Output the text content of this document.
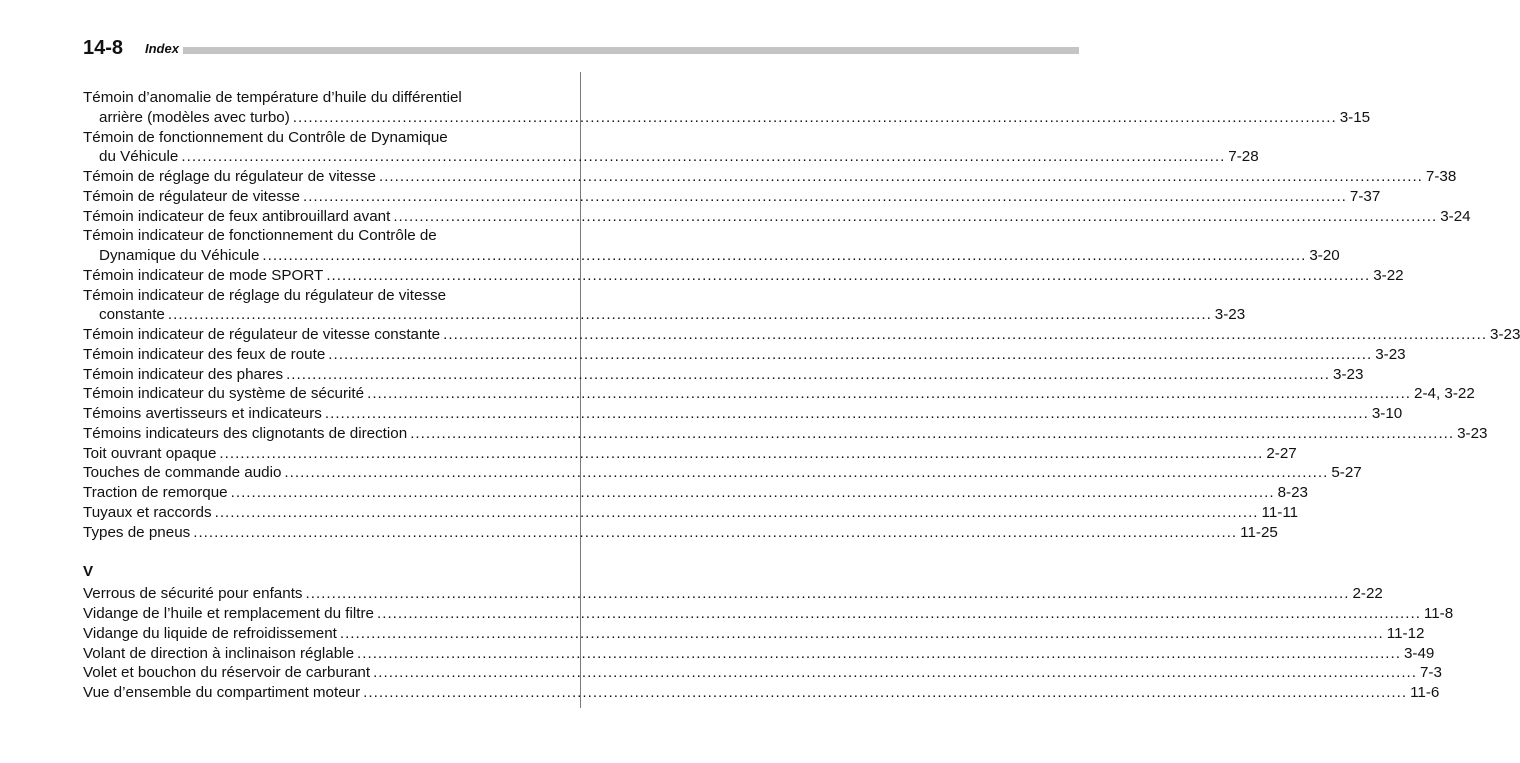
14-8 Index
Témoin d’anomalie de température d’huile du différentiel
arrière (modèles avec turbo) ........................................................................................................................................................................................................ 3-15
Témoin de fonctionnement du Contrôle de Dynamique
du Véhicule ........................................................................................................................................................................................................ 7-28
Témoin de réglage du régulateur de vitesse ........................................................................................................................................................................................................ 7-38
Témoin de régulateur de vitesse ........................................................................................................................................................................................................ 7-37
Témoin indicateur de feux antibrouillard avant ........................................................................................................................................................................................................ 3-24
Témoin indicateur de fonctionnement du Contrôle de
Dynamique du Véhicule ........................................................................................................................................................................................................ 3-20
Témoin indicateur de mode SPORT ........................................................................................................................................................................................................ 3-22
Témoin indicateur de réglage du régulateur de vitesse
constante ........................................................................................................................................................................................................ 3-23
Témoin indicateur de régulateur de vitesse constante ........................................................................................................................................................................................................ 3-23
Témoin indicateur des feux de route ........................................................................................................................................................................................................ 3-23
Témoin indicateur des phares ........................................................................................................................................................................................................ 3-23
Témoin indicateur du système de sécurité ........................................................................................................................................................................................................ 2-4, 3-22
Témoins avertisseurs et indicateurs ........................................................................................................................................................................................................ 3-10
Témoins indicateurs des clignotants de direction ........................................................................................................................................................................................................ 3-23
Toit ouvrant opaque ........................................................................................................................................................................................................ 2-27
Touches de commande audio ........................................................................................................................................................................................................ 5-27
Traction de remorque ........................................................................................................................................................................................................ 8-23
Tuyaux et raccords ........................................................................................................................................................................................................ 11-11
Types de pneus ........................................................................................................................................................................................................ 11-25
V
Verrous de sécurité pour enfants ........................................................................................................................................................................................................ 2-22
Vidange de l’huile et remplacement du filtre ........................................................................................................................................................................................................ 11-8
Vidange du liquide de refroidissement ........................................................................................................................................................................................................ 11-12
Volant de direction à inclinaison réglable ........................................................................................................................................................................................................ 3-49
Volet et bouchon du réservoir de carburant ........................................................................................................................................................................................................ 7-3
Vue d’ensemble du compartiment moteur ........................................................................................................................................................................................................ 11-6
